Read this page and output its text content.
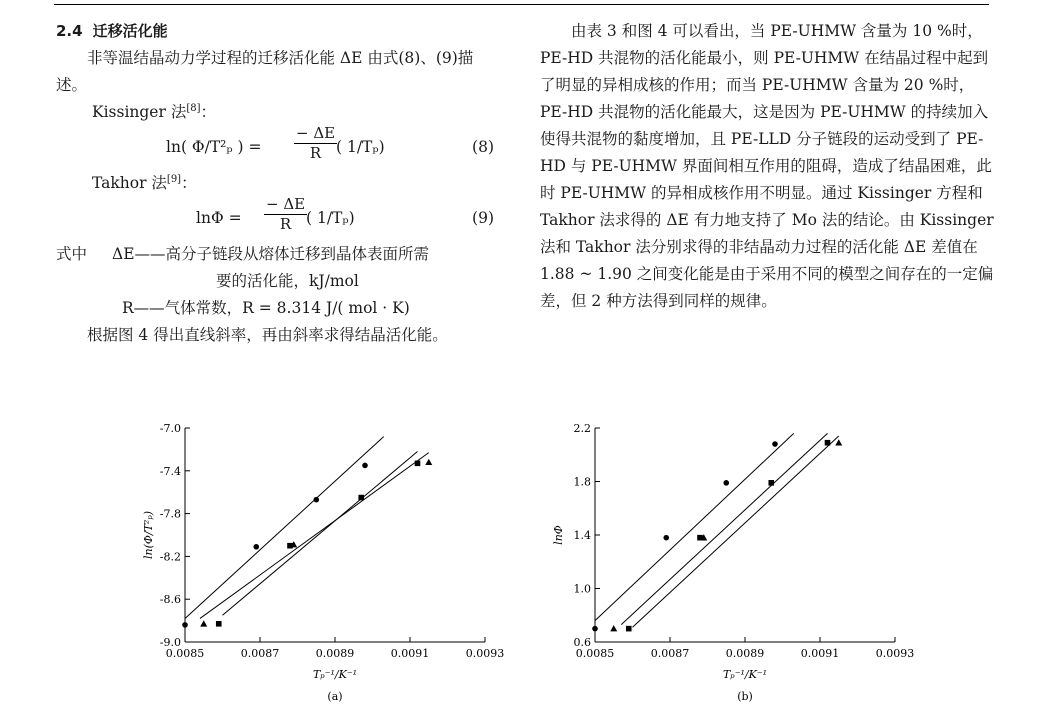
2.4 迁移活化能

非等温结晶动力学过程的迁移活化能 ΔE 由式(8)、(9)描述。

Kissinger 法[8]：

ln( Φ/T²ₚ ) = $\frac{- \Delta E}{R}$
( 1/Tₚ)	(8)

Takhor 法[9]：

$\ln\Phi = \frac{- \Delta E}{R}$
( 1/Tₚ)	(9)
式中 ΔE——高分子链段从熔体迁移到晶体表面所需
要的活化能，kJ/mol
R——气体常数，R = 8.314 J/( mol · K)

根据图 4 得出直线斜率，再由斜率求得结晶活化能。

由表 3 和图 4 可以看出，当 PE-UHMW 含量为 10 %时，PE-HD 共混物的活化能最小，则 PE-UHMW 在结晶过程中起到了明显的异相成核的作用；而当 PE-UHMW 含量为 20 %时，PE-HD 共混物的活化能最大，这是因为 PE-UHMW 的持续加入使得共混物的黏度增加，且 PE-LLD 分子链段的运动受到了 PE-HD 与 PE-UHMW 界面间相互作用的阻碍，造成了结晶困难，此时 PE-UHMW 的异相成核作用不明显。通过 Kissinger 方程和 Takhor 法求得的 ΔE 有力地支持了 Mo 法的结论。由 Kissinger 法和 Takhor 法分别求得的非结晶动力过程的活化能 ΔE 差值在1.88 ~ 1.90 之间变化能是由于采用不同的模型之间存在的一定偏差，但 2 种方法得到同样的规律。

0.0085	0.0087	0.0089	0.0091	0.0093
-9.0
-8.6
-8.2
-7.8
-7.4
-7.0
Tₚ⁻¹/K⁻¹
ln(Φ/T²ₚ)
(a)
0.0085	0.0087	0.0089	0.0091	0.0093
0.6
1.0
1.4
1.8
2.2
Tₚ⁻¹/K⁻¹
lnΦ
(b)
